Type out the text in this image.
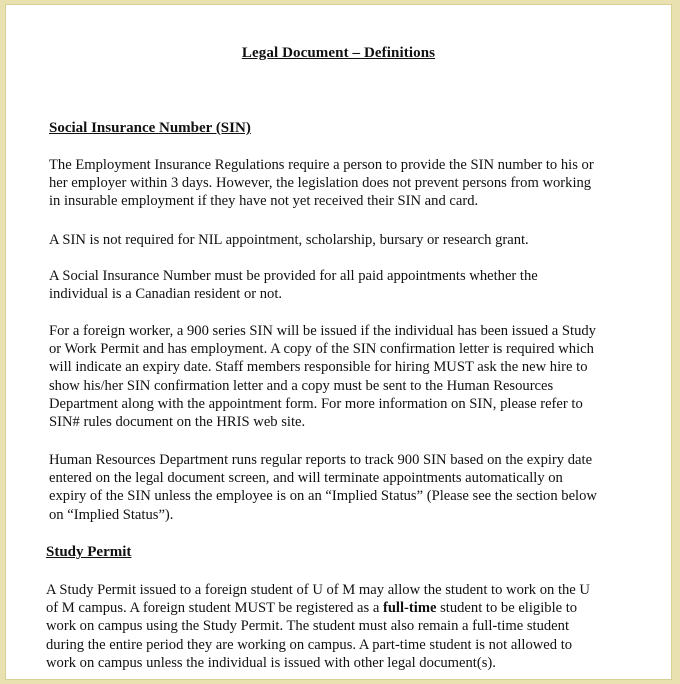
Legal Document – Definitions
Social Insurance Number (SIN)

The Employment Insurance Regulations require a person to provide the SIN number to his or
her employer within 3 days. However, the legislation does not prevent persons from working
in insurable employment if they have not yet received their SIN and card.

A SIN is not required for NIL appointment, scholarship, bursary or research grant.

A Social Insurance Number must be provided for all paid appointments whether the
individual is a Canadian resident or not.

For a foreign worker, a 900 series SIN will be issued if the individual has been issued a Study
or Work Permit and has employment. A copy of the SIN confirmation letter is required which
will indicate an expiry date. Staff members responsible for hiring MUST ask the new hire to
show his/her SIN confirmation letter and a copy must be sent to the Human Resources
Department along with the appointment form. For more information on SIN, please refer to
SIN# rules document on the HRIS web site.

Human Resources Department runs regular reports to track 900 SIN based on the expiry date
entered on the legal document screen, and will terminate appointments automatically on
expiry of the SIN unless the employee is on an “Implied Status” (Please see the section below
on “Implied Status”).

Study Permit

A Study Permit issued to a foreign student of U of M may allow the student to work on the U
of M campus. A foreign student MUST be registered as a full-time student to be eligible to
work on campus using the Study Permit. The student must also remain a full-time student
during the entire period they are working on campus. A part-time student is not allowed to
work on campus unless the individual is issued with other legal document(s).
